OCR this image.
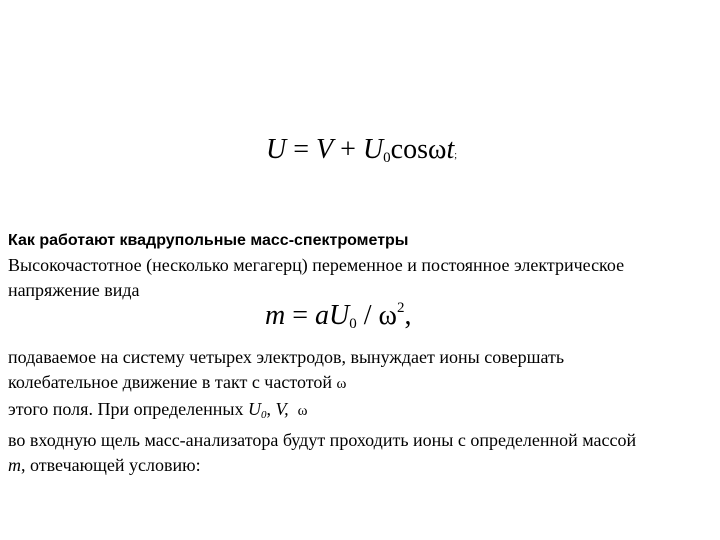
$U = V + U_0\cos\omega t$;
Как работают квадрупольные масс-спектрометры
Высокочастотное (несколько мегагерц) переменное и постоянное электрическое
напряжение вида
$m = aU_0 / \omega^2$,
подаваемое на систему четырех электродов, вынуждает ионы совершать
колебательное движение в такт с частотой ω
этого поля. При определенных $U_0$, V, ω
во входную щель масс-анализатора будут проходить ионы с определенной массой
m, отвечающей условию:
